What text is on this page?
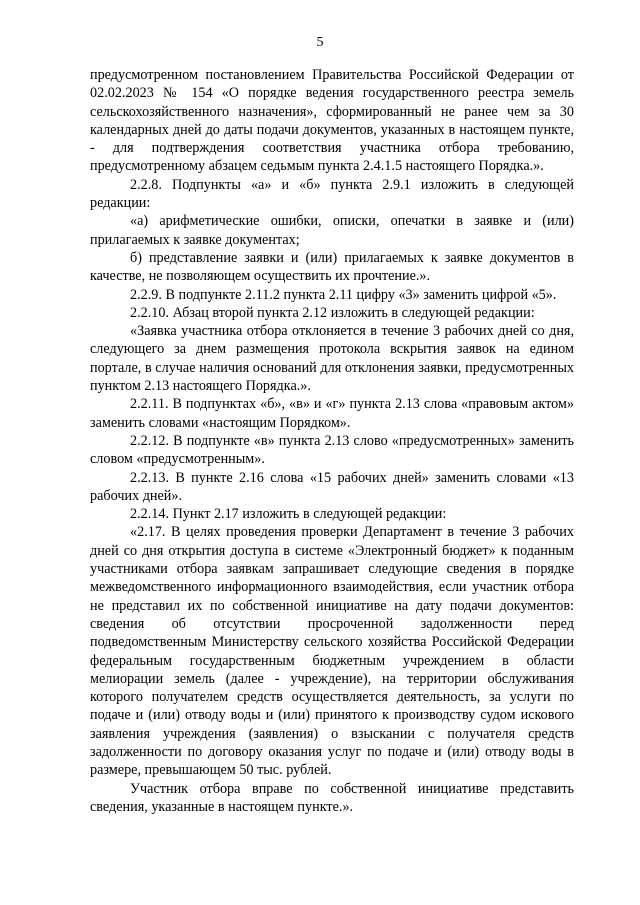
5

предусмотренном постановлением Правительства Российской Федерации от 02.02.2023 № 154 «О порядке ведения государственного реестра земель сельскохозяйственного назначения», сформированный не ранее чем за 30 календарных дней до даты подачи документов, указанных в настоящем пункте, - для подтверждения соответствия участника отбора требованию, предусмотренному абзацем седьмым пункта 2.4.1.5 настоящего Порядка.».

2.2.8. Подпункты «а» и «б» пункта 2.9.1 изложить в следующей редакции:

«а) арифметические ошибки, описки, опечатки в заявке и (или) прилагаемых к заявке документах;

б) представление заявки и (или) прилагаемых к заявке документов в качестве, не позволяющем осуществить их прочтение.».

2.2.9. В подпункте 2.11.2 пункта 2.11 цифру «3» заменить цифрой «5».

2.2.10. Абзац второй пункта 2.12 изложить в следующей редакции:

«Заявка участника отбора отклоняется в течение 3 рабочих дней со дня, следующего за днем размещения протокола вскрытия заявок на едином портале, в случае наличия оснований для отклонения заявки, предусмотренных пунктом 2.13 настоящего Порядка.».

2.2.11. В подпунктах «б», «в» и «г» пункта 2.13 слова «правовым актом» заменить словами «настоящим Порядком».

2.2.12. В подпункте «в» пункта 2.13 слово «предусмотренных» заменить словом «предусмотренным».

2.2.13. В пункте 2.16 слова «15 рабочих дней» заменить словами «13 рабочих дней».

2.2.14. Пункт 2.17 изложить в следующей редакции:

«2.17. В целях проведения проверки Департамент в течение 3 рабочих дней со дня открытия доступа в системе «Электронный бюджет» к поданным участниками отбора заявкам запрашивает следующие сведения в порядке межведомственного информационного взаимодействия, если участник отбора не представил их по собственной инициативе на дату подачи документов: сведения об отсутствии просроченной задолженности перед подведомственным Министерству сельского хозяйства Российской Федерации федеральным государственным бюджетным учреждением в области мелиорации земель (далее - учреждение), на территории обслуживания которого получателем средств осуществляется деятельность, за услуги по подаче и (или) отводу воды и (или) принятого к производству судом искового заявления учреждения (заявления) о взыскании с получателя средств задолженности по договору оказания услуг по подаче и (или) отводу воды в размере, превышающем 50 тыс. рублей.

Участник отбора вправе по собственной инициативе представить сведения, указанные в настоящем пункте.».
